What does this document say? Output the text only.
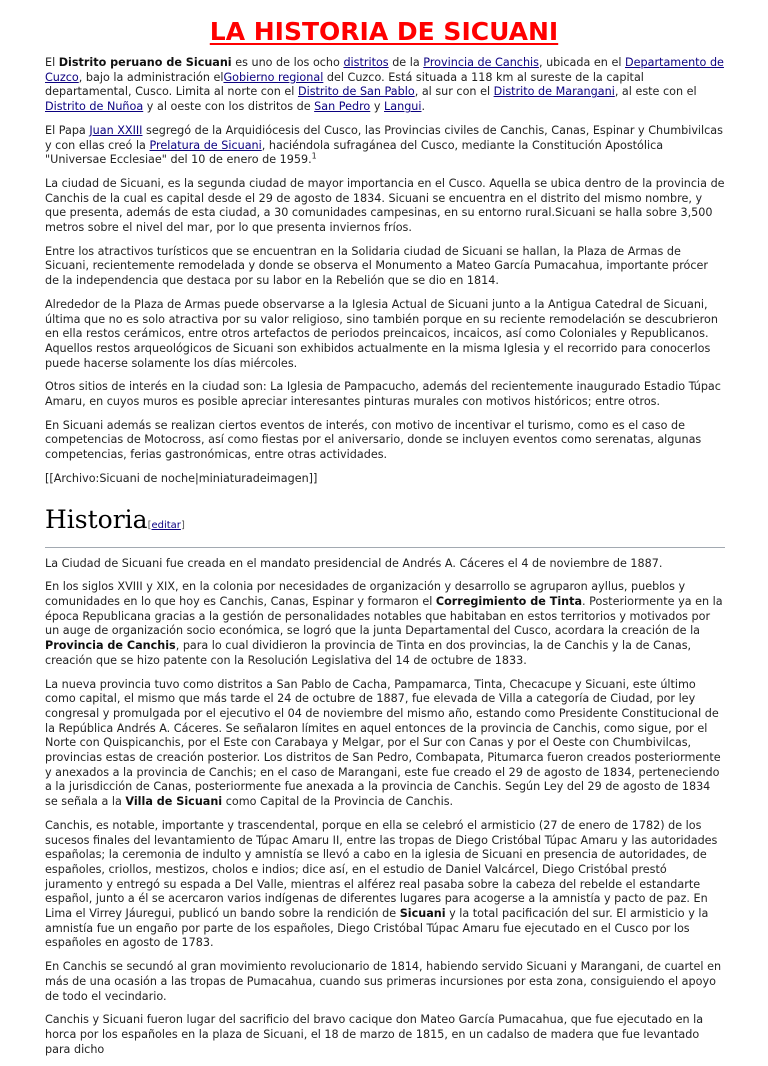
LA HISTORIA DE SICUANI

El Distrito peruano de Sicuani es uno de los ocho distritos de la Provincia de Canchis, ubicada en el Departamento de Cuzco, bajo la administración elGobierno regional del Cuzco. Está situada a 118 km al sureste de la capital departamental, Cusco. Limita al norte con el Distrito de San Pablo, al sur con el Distrito de Marangani, al este con el Distrito de Nuñoa y al oeste con los distritos de San Pedro y Langui.

El Papa Juan XXIII segregó de la Arquidiócesis del Cusco, las Provincias civiles de Canchis, Canas, Espinar y Chumbivilcas y con ellas creó la Prelatura de Sicuani, haciéndola sufragánea del Cusco, mediante la Constitución Apostólica "Universae Ecclesiae" del 10 de enero de 1959.$^1$

La ciudad de Sicuani, es la segunda ciudad de mayor importancia en el Cusco. Aquella se ubica dentro de la provincia de Canchis de la cual es capital desde el 29 de agosto de 1834. Sicuani se encuentra en el distrito del mismo nombre, y que presenta, además de esta ciudad, a 30 comunidades campesinas, en su entorno rural.Sicuani se halla sobre 3,500 metros sobre el nivel del mar, por lo que presenta inviernos fríos.

Entre los atractivos turísticos que se encuentran en la Solidaria ciudad de Sicuani se hallan, la Plaza de Armas de Sicuani, recientemente remodelada y donde se observa el Monumento a Mateo García Pumacahua, importante prócer de la independencia que destaca por su labor en la Rebelión que se dio en 1814.

Alrededor de la Plaza de Armas puede observarse a la Iglesia Actual de Sicuani junto a la Antigua Catedral de Sicuani, última que no es solo atractiva por su valor religioso, sino también porque en su reciente remodelación se descubrieron en ella restos cerámicos, entre otros artefactos de periodos preincaicos, incaicos, así como Coloniales y Republicanos. Aquellos restos arqueológicos de Sicuani son exhibidos actualmente en la misma Iglesia y el recorrido para conocerlos puede hacerse solamente los días miércoles.

Otros sitios de interés en la ciudad son: La Iglesia de Pampacucho, además del recientemente inaugurado Estadio Túpac Amaru, en cuyos muros es posible apreciar interesantes pinturas murales con motivos históricos; entre otros.

En Sicuani además se realizan ciertos eventos de interés, con motivo de incentivar el turismo, como es el caso de competencias de Motocross, así como fiestas por el aniversario, donde se incluyen eventos como serenatas, algunas competencias, ferias gastronómicas, entre otras actividades.

[[Archivo:Sicuani de noche|miniaturadeimagen]]

Historia[editar]

La Ciudad de Sicuani fue creada en el mandato presidencial de Andrés A. Cáceres el 4 de noviembre de 1887.

En los siglos XVIII y XIX, en la colonia por necesidades de organización y desarrollo se agruparon ayllus, pueblos y comunidades en lo que hoy es Canchis, Canas, Espinar y formaron el Corregimiento de Tinta. Posteriormente ya en la época Republicana gracias a la gestión de personalidades notables que habitaban en estos territorios y motivados por un auge de organización socio económica, se logró que la junta Departamental del Cusco, acordara la creación de la Provincia de Canchis, para lo cual dividieron la provincia de Tinta en dos provincias, la de Canchis y la de Canas, creación que se hizo patente con la Resolución Legislativa del 14 de octubre de 1833.

La nueva provincia tuvo como distritos a San Pablo de Cacha, Pampamarca, Tinta, Checacupe y Sicuani, este último como capital, el mismo que más tarde el 24 de octubre de 1887, fue elevada de Villa a categoría de Ciudad, por ley congresal y promulgada por el ejecutivo el 04 de noviembre del mismo año, estando como Presidente Constitucional de la República Andrés A. Cáceres. Se señalaron límites en aquel entonces de la provincia de Canchis, como sigue, por el Norte con Quispicanchis, por el Este con Carabaya y Melgar, por el Sur con Canas y por el Oeste con Chumbivilcas, provincias estas de creación posterior. Los distritos de San Pedro, Combapata, Pitumarca fueron creados posteriormente y anexados a la provincia de Canchis; en el caso de Marangani, este fue creado el 29 de agosto de 1834, perteneciendo a la jurisdicción de Canas, posteriormente fue anexada a la provincia de Canchis. Según Ley del 29 de agosto de 1834 se señala a la Villa de Sicuani como Capital de la Provincia de Canchis.

Canchis, es notable, importante y trascendental, porque en ella se celebró el armisticio (27 de enero de 1782) de los sucesos finales del levantamiento de Túpac Amaru II, entre las tropas de Diego Cristóbal Túpac Amaru y las autoridades españolas; la ceremonia de indulto y amnistía se llevó a cabo en la iglesia de Sicuani en presencia de autoridades, de españoles, criollos, mestizos, cholos e indios; dice así, en el estudio de Daniel Valcárcel, Diego Cristóbal prestó juramento y entregó su espada a Del Valle, mientras el alférez real pasaba sobre la cabeza del rebelde el estandarte español, junto a él se acercaron varios indígenas de diferentes lugares para acogerse a la amnistía y pacto de paz. En Lima el Virrey Jáuregui, publicó un bando sobre la rendición de Sicuani y la total pacificación del sur. El armisticio y la amnistía fue un engaño por parte de los españoles, Diego Cristóbal Túpac Amaru fue ejecutado en el Cusco por los españoles en agosto de 1783.

En Canchis se secundó al gran movimiento revolucionario de 1814, habiendo servido Sicuani y Marangani, de cuartel en más de una ocasión a las tropas de Pumacahua, cuando sus primeras incursiones por esta zona, consiguiendo el apoyo de todo el vecindario.

Canchis y Sicuani fueron lugar del sacrificio del bravo cacique don Mateo García Pumacahua, que fue ejecutado en la horca por los españoles en la plaza de Sicuani, el 18 de marzo de 1815, en un cadalso de madera que fue levantado para dicho
